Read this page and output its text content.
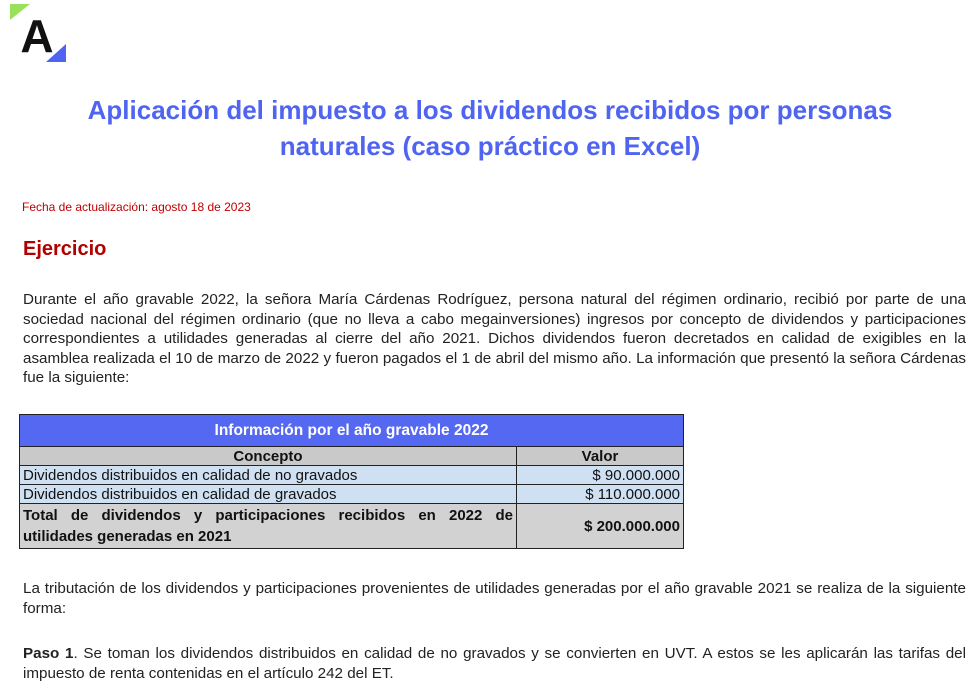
A
Aplicación del impuesto a los dividendos recibidos por personas naturales (caso práctico en Excel)
Fecha de actualización: agosto 18 de 2023
Ejercicio
Durante el año gravable 2022, la señora María Cárdenas Rodríguez, persona natural del régimen ordinario, recibió por parte de una sociedad nacional del régimen ordinario (que no lleva a cabo megainversiones) ingresos por concepto de dividendos y participaciones correspondientes a utilidades generadas al cierre del año 2021. Dichos dividendos fueron decretados en calidad de exigibles en la asamblea realizada el 10 de marzo de 2022 y fueron pagados el 1 de abril del mismo año. La información que presentó la señora Cárdenas fue la siguiente:
Información por el año gravable 2022	
Concepto	Valor
Dividendos distribuidos en calidad de no gravados	$ 90.000.000
Dividendos distribuidos en calidad de gravados	$ 110.000.000
Total de dividendos y participaciones recibidos en 2022 de utilidades generadas en 2021	$ 200.000.000
La tributación de los dividendos y participaciones provenientes de utilidades generadas por el año gravable 2021 se realiza de la siguiente forma:
Paso 1. Se toman los dividendos distribuidos en calidad de no gravados y se convierten en UVT. A estos se les aplicarán las tarifas del impuesto de renta contenidas en el artículo 242 del ET.
